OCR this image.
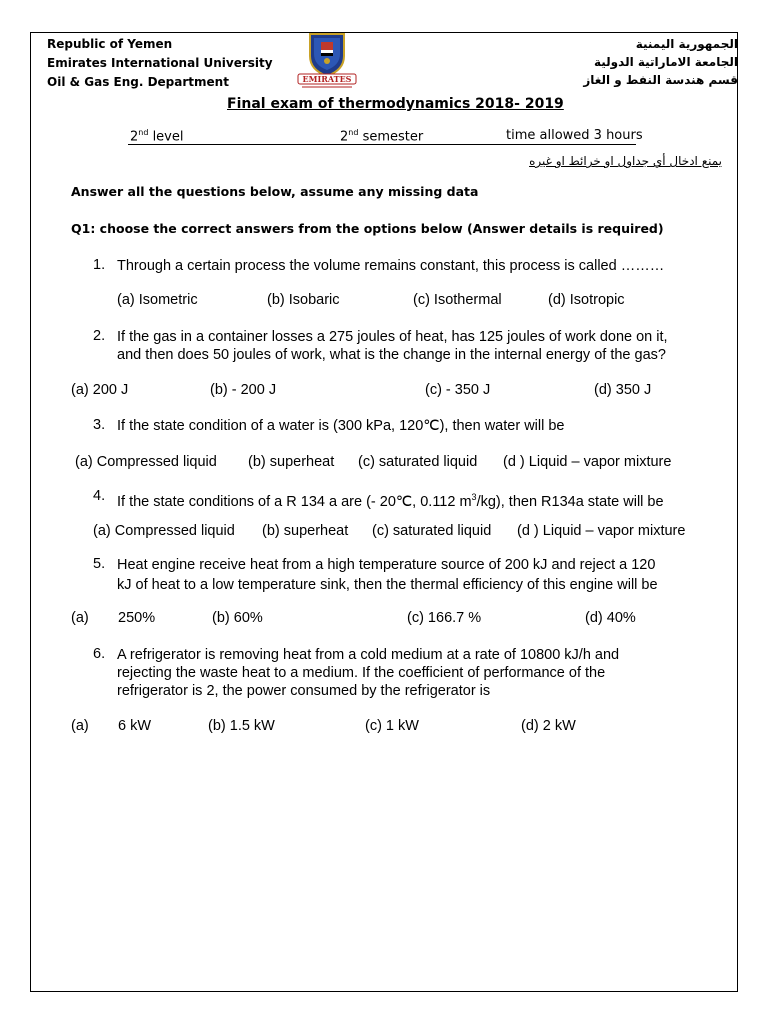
Republic of Yemen
Emirates International University
Oil & Gas Eng. Department	EMIRATES
الجمهورية اليمنية
الجامعة الاماراتية الدولية
قسم هندسة النفط و الغاز
Final exam of thermodynamics 2018- 2019
2nd level	2nd semester	time allowed 3 hours
يمنع ادخال أي جداول او خرائط او غيره
Answer all the questions below, assume any missing data
Q1: choose the correct answers from the options below (Answer details is required)
1. Through a certain process the volume remains constant, this process is called ………
(a) Isometric	(b) Isobaric	(c) Isothermal	(d) Isotropic
2. If the gas in a container losses a 275 joules of heat, has 125 joules of work done on it,
and then does 50 joules of work, what is the change in the internal energy of the gas?
(a) 200 J	(b) - 200 J	(c) - 350 J	(d) 350 J
3. If the state condition of a water is (300 kPa, 120℃), then water will be
(a) Compressed liquid (b) superheat (c) saturated liquid (d ) Liquid – vapor mixture
4. If the state conditions of a R 134 a are (- 20℃, 0.112 $m^3/kg$), then R134a state will be
(a) Compressed liquid (b) superheat (c) saturated liquid (d ) Liquid – vapor mixture
5. Heat engine receive heat from a high temperature source of 200 kJ and reject a 120
kJ of heat to a low temperature sink, then the thermal efficiency of this engine will be
(a) 250%	(b) 60%	(c) 166.7 %	(d) 40%
6. A refrigerator is removing heat from a cold medium at a rate of 10800 kJ/h and
rejecting the waste heat to a medium. If the coefficient of performance of the
refrigerator is 2, the power consumed by the refrigerator is
(a) 6 kW	(b) 1.5 kW	(c) 1 kW	(d) 2 kW
